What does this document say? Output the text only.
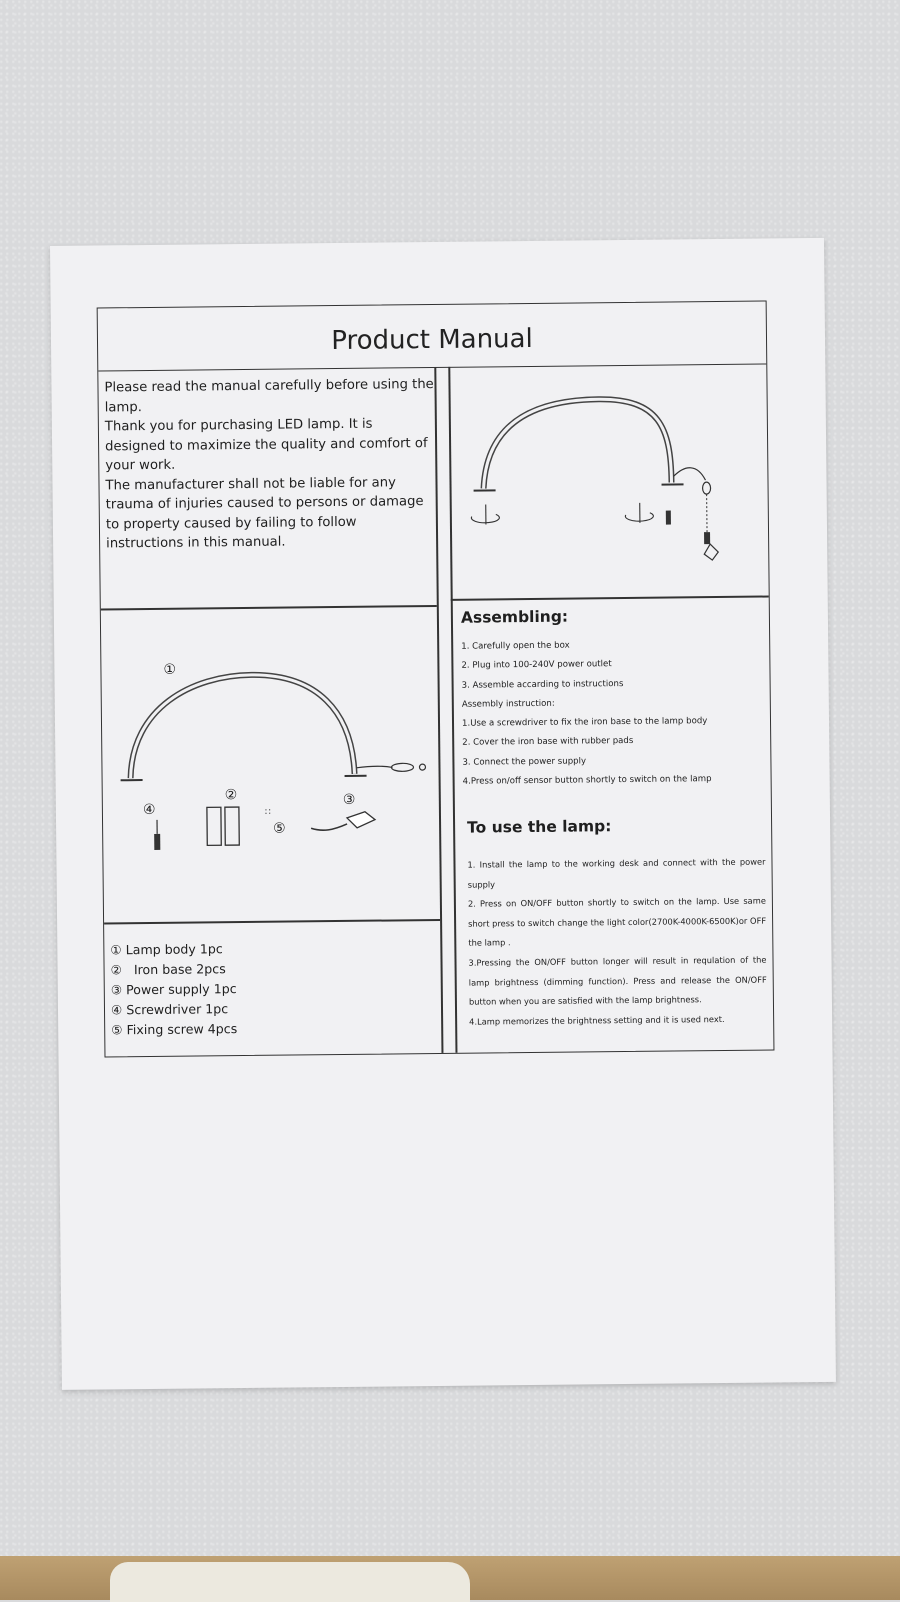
Product Manual

Please read the manual carefully before using the lamp.

Thank you for purchasing LED lamp. It is designed to maximize the quality and comfort of your work.

The manufacturer shall not be liable for any trauma of injuries caused to persons or damage to property caused by failing to follow instructions in this manual.

①
②
④	∷
⑤
③
① Lamp body 1pc
② Iron base 2pcs
③ Power supply 1pc
④ Screwdriver 1pc
⑤ Fixing screw 4pcs
Assembling:
1. Carefully open the box
2. Plug into 100-240V power outlet
3. Assemble accarding to instructions
Assembly instruction:
1.Use a screwdriver to fix the iron base to the lamp body
2. Cover the iron base with rubber pads
3. Connect the power supply
4.Press on/off sensor button shortly to switch on the lamp
To use the lamp:
1. Install the lamp to the working desk and connect with the power supply
2. Press on ON/OFF button shortly to switch on the lamp. Use same short press to switch change the light color(2700K-4000K-6500K)or OFF the lamp .
3.Pressing the ON/OFF button longer will result in requlation of the lamp brightness (dimming function). Press and release the ON/OFF button when you are satisfied with the lamp brightness.
4.Lamp memorizes the brightness setting and it is used next.
